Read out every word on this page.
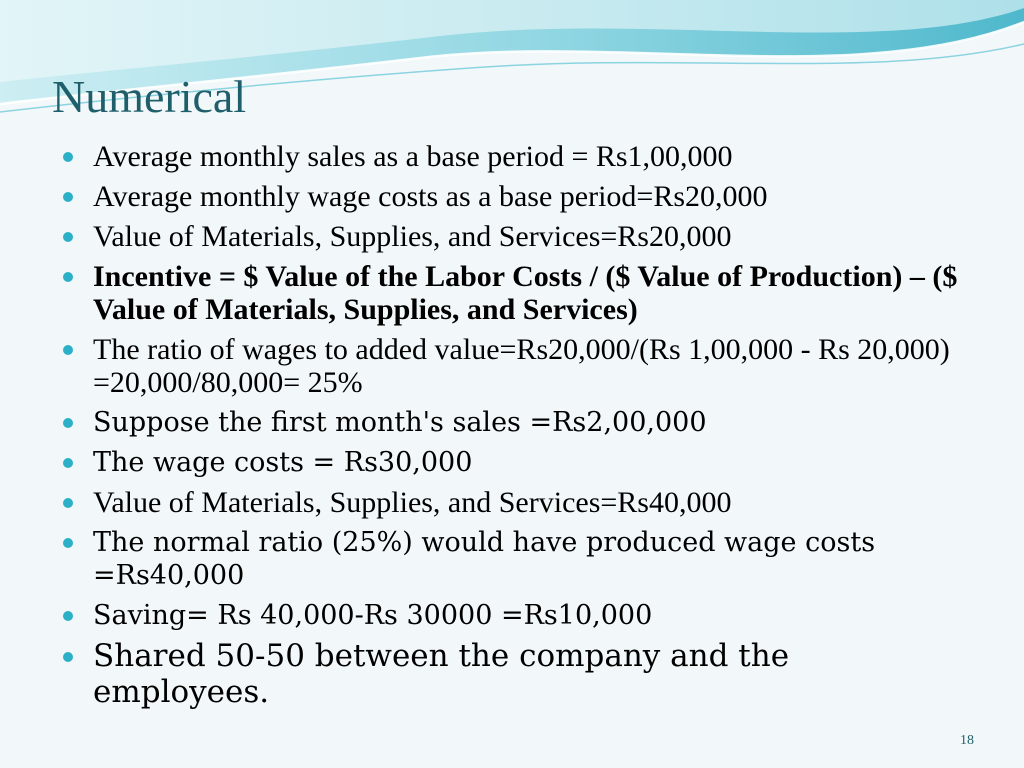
Numerical
Average monthly sales as a base period = Rs1,00,000
Average monthly wage costs as a base period=Rs20,000
Value of Materials, Supplies, and Services=Rs20,000
Incentive = $ Value of the Labor Costs / ($ Value of Production) – ($ Value of Materials, Supplies, and Services)
The ratio of wages to added value=Rs20,000/(Rs 1,00,000 - Rs 20,000) =20,000/80,000= 25%
Suppose the first month's sales =Rs2,00,000
The wage costs = Rs30,000
Value of Materials, Supplies, and Services=Rs40,000
The normal ratio (25%) would have produced wage costs =Rs40,000
Saving= Rs 40,000-Rs 30000 =Rs10,000
Shared 50-50 between the company and the employees.
18
